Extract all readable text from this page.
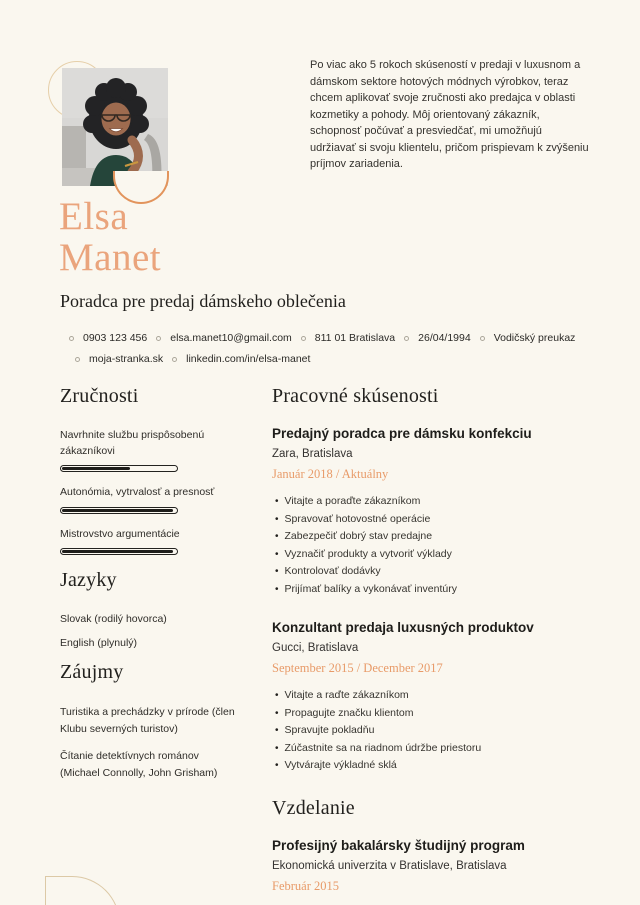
Po viac ako 5 rokoch skúseností v predaji v luxusnom a dámskom sektore hotových módnych výrobkov, teraz chcem aplikovať svoje zručnosti ako predajca v oblasti kozmetiky a pohody. Môj orientovaný zákazník, schopnosť počúvať a presviedčať, mi umožňujú udržiavať si svoju klientelu, pričom prispievam k zvýšeniu príjmov zariadenia.

Elsa
Manet

Poradca pre predaj dámskeho oblečenia

0903 123 456 elsa.manet10@gmail.com 811 01 Bratislava 26/04/1994 Vodičský preukaz
moja-stranka.sk linkedin.com/in/elsa-manet
Zručnosti
Navrhnite službu prispôsobenú zákazníkovi
Autonómia, vytrvalosť a presnosť
Mistrovstvo argumentácie
Jazyky
Slovak (rodilý hovorca)
English (plynulý)
Záujmy

Turistika a prechádzky v prírode (člen Klubu severných turistov)

Čítanie detektívnych románov (Michael Connolly, John Grisham)

Pracovné skúsenosti
Predajný poradca pre dámsku konfekciu

Zara, Bratislava

Január 2018 / Aktuálny

• Vitajte a poraďte zákazníkom
• Spravovať hotovostné operácie
• Zabezpečiť dobrý stav predajne
• Vyznačiť produkty a vytvoriť výklady
• Kontrolovať dodávky
• Prijímať balíky a vykonávať inventúry
Konzultant predaja luxusných produktov

Gucci, Bratislava

September 2015 / December 2017

• Vitajte a raďte zákazníkom
• Propagujte značku klientom
• Spravujte pokladňu
• Zúčastnite sa na riadnom údržbe priestoru
• Vytvárajte výkladné sklá
Vzdelanie
Profesijný bakalársky študijný program

Ekonomická univerzita v Bratislave, Bratislava

Február 2015
